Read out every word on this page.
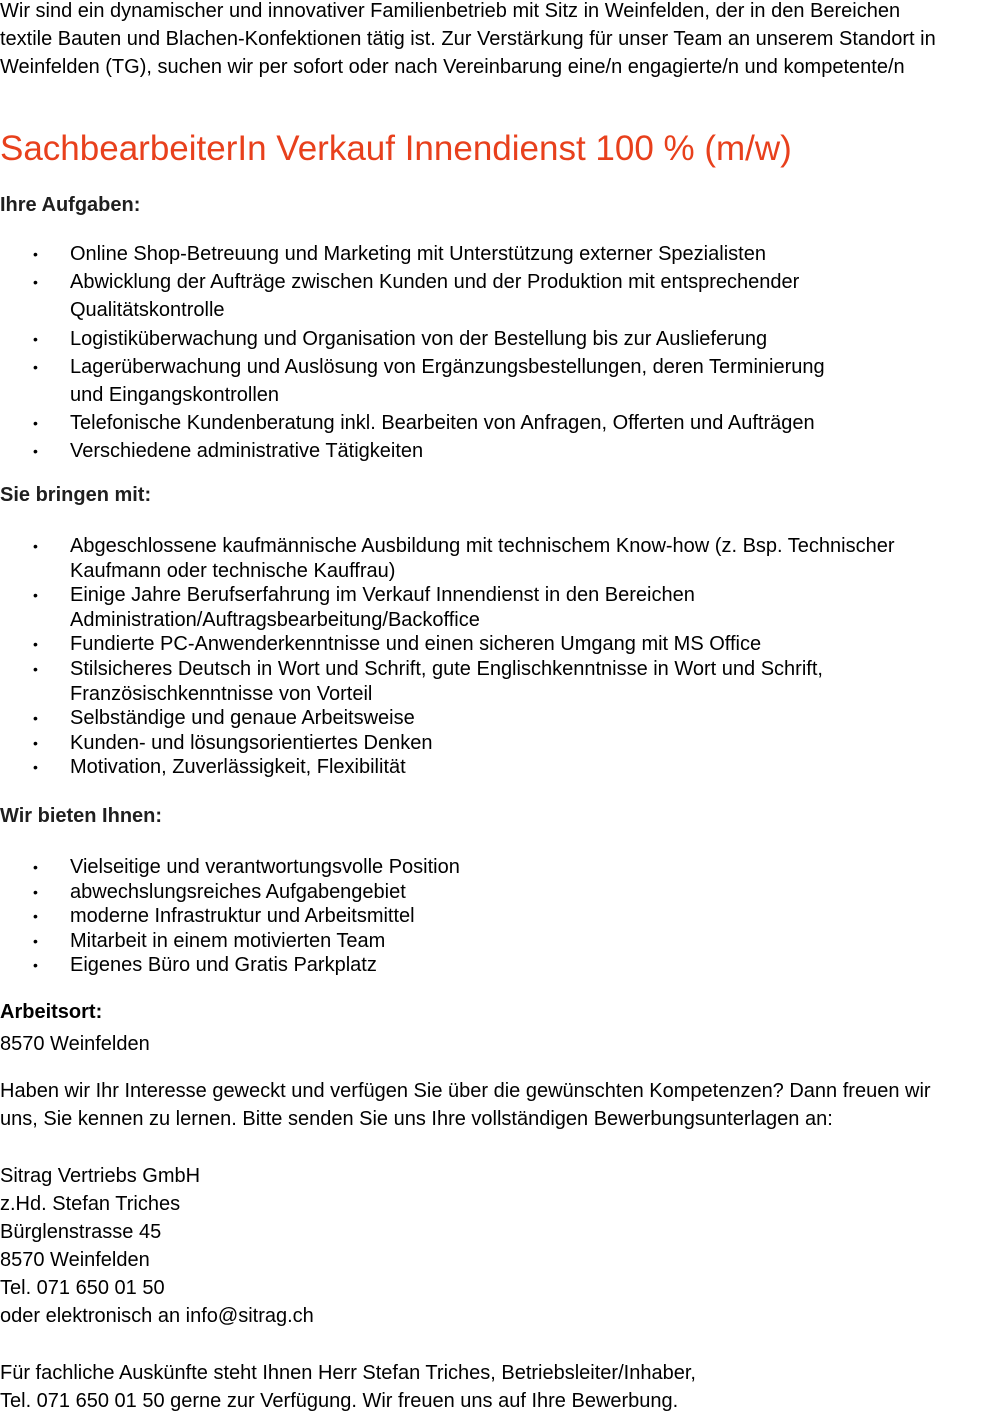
Wir sind ein dynamischer und innovativer Familienbetrieb mit Sitz in Weinfelden, der in den Bereichen
textile Bauten und Blachen-Konfektionen tätig ist. Zur Verstärkung für unser Team an unserem Standort in
Weinfelden (TG), suchen wir per sofort oder nach Vereinbarung eine/n engagierte/n und kompetente/n

SachbearbeiterIn Verkauf Innendienst 100 % (m/w)
Ihre Aufgaben:
• Online Shop-Betreuung und Marketing mit Unterstützung externer Spezialisten
• Abwicklung der Aufträge zwischen Kunden und der Produktion mit entsprechender
Qualitätskontrolle
• Logistiküberwachung und Organisation von der Bestellung bis zur Auslieferung
• Lagerüberwachung und Auslösung von Ergänzungsbestellungen, deren Terminierung
und Eingangskontrollen
• Telefonische Kundenberatung inkl. Bearbeiten von Anfragen, Offerten und Aufträgen
• Verschiedene administrative Tätigkeiten
Sie bringen mit:
• Abgeschlossene kaufmännische Ausbildung mit technischem Know-how (z. Bsp. Technischer
Kaufmann oder technische Kauffrau)
• Einige Jahre Berufserfahrung im Verkauf Innendienst in den Bereichen
Administration/Auftragsbearbeitung/Backoffice
• Fundierte PC-Anwenderkenntnisse und einen sicheren Umgang mit MS Office
• Stilsicheres Deutsch in Wort und Schrift, gute Englischkenntnisse in Wort und Schrift,
Französischkenntnisse von Vorteil
• Selbständige und genaue Arbeitsweise
• Kunden- und lösungsorientiertes Denken
• Motivation, Zuverlässigkeit, Flexibilität
Wir bieten Ihnen:
• Vielseitige und verantwortungsvolle Position
• abwechslungsreiches Aufgabengebiet
• moderne Infrastruktur und Arbeitsmittel
• Mitarbeit in einem motivierten Team
• Eigenes Büro und Gratis Parkplatz
Arbeitsort:

8570 Weinfelden

Haben wir Ihr Interesse geweckt und verfügen Sie über die gewünschten Kompetenzen? Dann freuen wir
uns, Sie kennen zu lernen. Bitte senden Sie uns Ihre vollständigen Bewerbungsunterlagen an:

Sitrag Vertriebs GmbH
z.Hd. Stefan Triches
Bürglenstrasse 45
8570 Weinfelden
Tel. 071 650 01 50
oder elektronisch an info@sitrag.ch

Für fachliche Auskünfte steht Ihnen Herr Stefan Triches, Betriebsleiter/Inhaber,
Tel. 071 650 01 50 gerne zur Verfügung. Wir freuen uns auf Ihre Bewerbung.
